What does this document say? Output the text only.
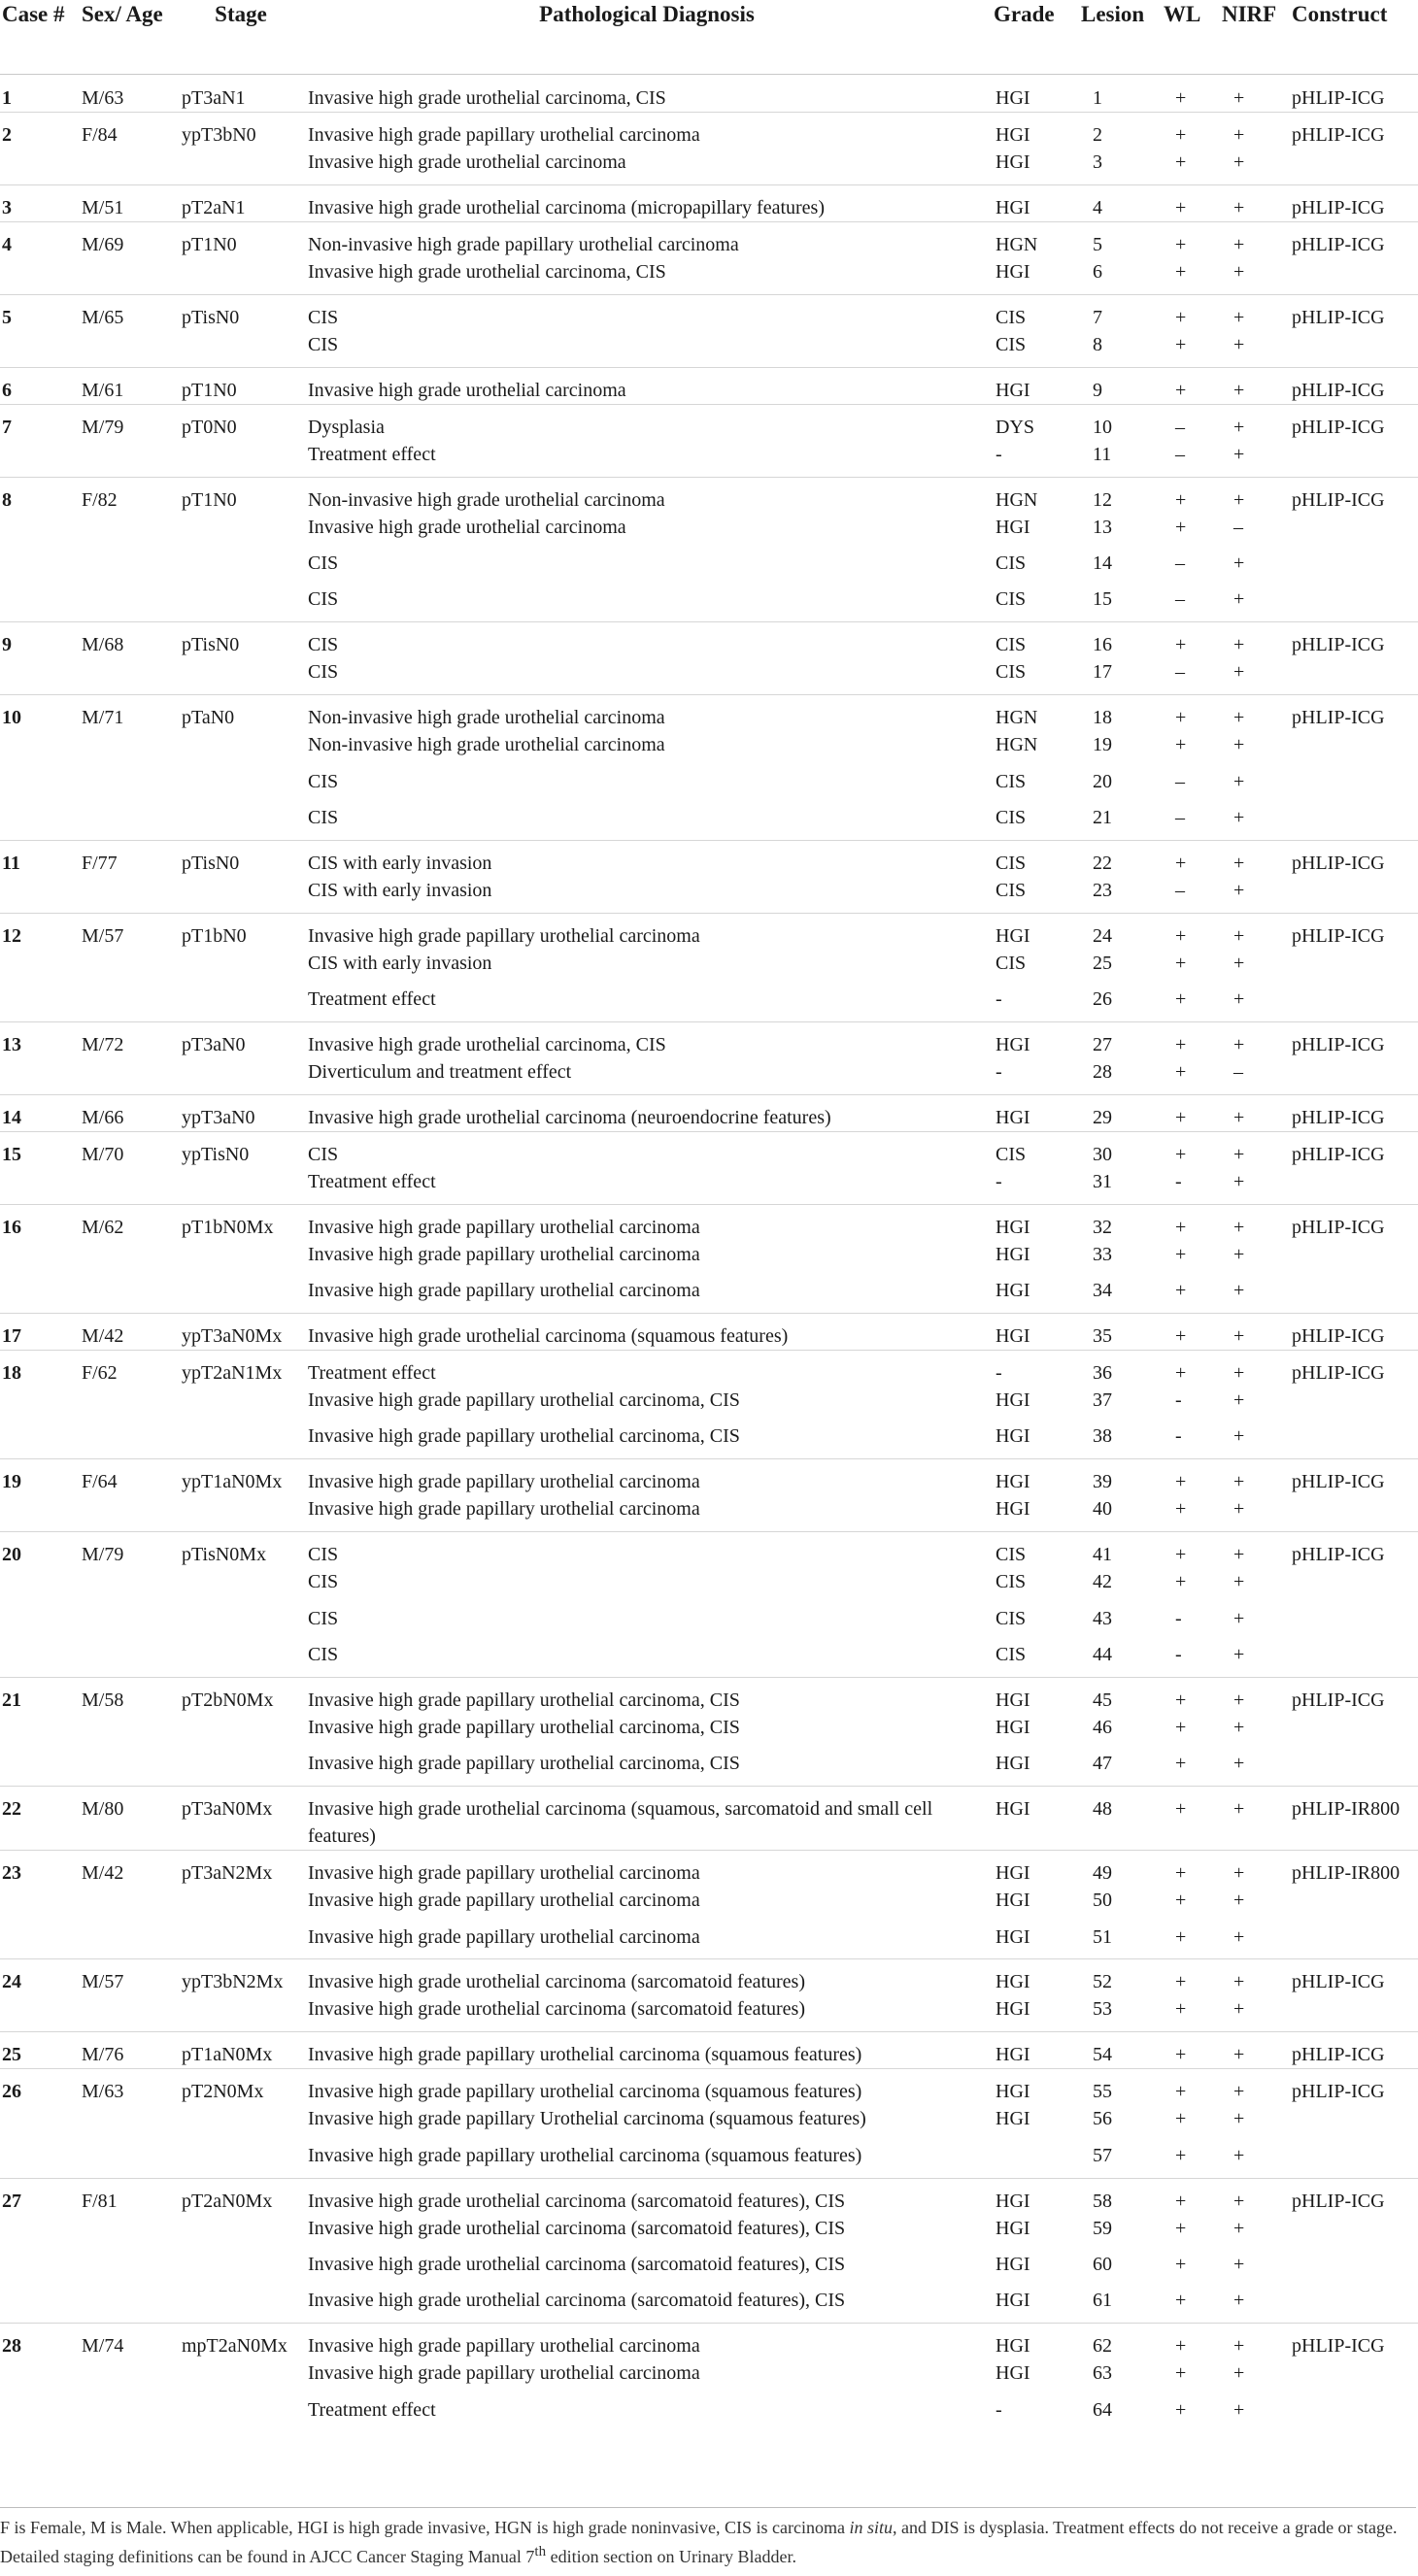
Case #	Sex/ Age	Stage	Pathological Diagnosis	Grade	Lesion	WL	NIRF	Construct
1	M/63	pT3aN1	Invasive high grade urothelial carcinoma, CIS	HGI	1	+	+	pHLIP-ICG
2	F/84	ypT3bN0	Invasive high grade papillary urothelial carcinoma	HGI	2	+	+	pHLIP-ICG
			Invasive high grade urothelial carcinoma	HGI	3	+	+	
3	M/51	pT2aN1	Invasive high grade urothelial carcinoma (micropapillary features)	HGI	4	+	+	pHLIP-ICG
4	M/69	pT1N0	Non-invasive high grade papillary urothelial carcinoma	HGN	5	+	+	pHLIP-ICG
			Invasive high grade urothelial carcinoma, CIS	HGI	6	+	+	
5	M/65	pTisN0	CIS	CIS	7	+	+	pHLIP-ICG
			CIS	CIS	8	+	+	
6	M/61	pT1N0	Invasive high grade urothelial carcinoma	HGI	9	+	+	pHLIP-ICG
7	M/79	pT0N0	Dysplasia	DYS	10	–	+	pHLIP-ICG
			Treatment effect	-	11	–	+	
8	F/82	pT1N0	Non-invasive high grade urothelial carcinoma	HGN	12	+	+	pHLIP-ICG
			Invasive high grade urothelial carcinoma	HGI	13	+	–	
			CIS	CIS	14	–	+	
			CIS	CIS	15	–	+	
9	M/68	pTisN0	CIS	CIS	16	+	+	pHLIP-ICG
			CIS	CIS	17	–	+	
10	M/71	pTaN0	Non-invasive high grade urothelial carcinoma	HGN	18	+	+	pHLIP-ICG
			Non-invasive high grade urothelial carcinoma	HGN	19	+	+	
			CIS	CIS	20	–	+	
			CIS	CIS	21	–	+	
11	F/77	pTisN0	CIS with early invasion	CIS	22	+	+	pHLIP-ICG
			CIS with early invasion	CIS	23	–	+	
12	M/57	pT1bN0	Invasive high grade papillary urothelial carcinoma	HGI	24	+	+	pHLIP-ICG
			CIS with early invasion	CIS	25	+	+	
			Treatment effect	-	26	+	+	
13	M/72	pT3aN0	Invasive high grade urothelial carcinoma, CIS	HGI	27	+	+	pHLIP-ICG
			Diverticulum and treatment effect	-	28	+	–	
14	M/66	ypT3aN0	Invasive high grade urothelial carcinoma (neuroendocrine features)	HGI	29	+	+	pHLIP-ICG
15	M/70	ypTisN0	CIS	CIS	30	+	+	pHLIP-ICG
			Treatment effect	-	31	-	+	
16	M/62	pT1bN0Mx	Invasive high grade papillary urothelial carcinoma	HGI	32	+	+	pHLIP-ICG
			Invasive high grade papillary urothelial carcinoma	HGI	33	+	+	
			Invasive high grade papillary urothelial carcinoma	HGI	34	+	+	
17	M/42	ypT3aN0Mx	Invasive high grade urothelial carcinoma (squamous features)	HGI	35	+	+	pHLIP-ICG
18	F/62	ypT2aN1Mx	Treatment effect	-	36	+	+	pHLIP-ICG
			Invasive high grade papillary urothelial carcinoma, CIS	HGI	37	-	+	
			Invasive high grade papillary urothelial carcinoma, CIS	HGI	38	-	+	
19	F/64	ypT1aN0Mx	Invasive high grade papillary urothelial carcinoma	HGI	39	+	+	pHLIP-ICG
			Invasive high grade papillary urothelial carcinoma	HGI	40	+	+	
20	M/79	pTisN0Mx	CIS	CIS	41	+	+	pHLIP-ICG
			CIS	CIS	42	+	+	
			CIS	CIS	43	-	+	
			CIS	CIS	44	-	+	
21	M/58	pT2bN0Mx	Invasive high grade papillary urothelial carcinoma, CIS	HGI	45	+	+	pHLIP-ICG
			Invasive high grade papillary urothelial carcinoma, CIS	HGI	46	+	+	
			Invasive high grade papillary urothelial carcinoma, CIS	HGI	47	+	+	
22	M/80	pT3aN0Mx	Invasive high grade urothelial carcinoma (squamous, sarcomatoid and small cell features)	HGI	48	+	+	pHLIP-IR800
23	M/42	pT3aN2Mx	Invasive high grade papillary urothelial carcinoma	HGI	49	+	+	pHLIP-IR800
			Invasive high grade papillary urothelial carcinoma	HGI	50	+	+	
			Invasive high grade papillary urothelial carcinoma	HGI	51	+	+	
24	M/57	ypT3bN2Mx	Invasive high grade urothelial carcinoma (sarcomatoid features)	HGI	52	+	+	pHLIP-ICG
			Invasive high grade urothelial carcinoma (sarcomatoid features)	HGI	53	+	+	
25	M/76	pT1aN0Mx	Invasive high grade papillary urothelial carcinoma (squamous features)	HGI	54	+	+	pHLIP-ICG
26	M/63	pT2N0Mx	Invasive high grade papillary urothelial carcinoma (squamous features)	HGI	55	+	+	pHLIP-ICG
			Invasive high grade papillary Urothelial carcinoma (squamous features)	HGI	56	+	+	
			Invasive high grade papillary urothelial carcinoma (squamous features)		57	+	+	
27	F/81	pT2aN0Mx	Invasive high grade urothelial carcinoma (sarcomatoid features), CIS	HGI	58	+	+	pHLIP-ICG
			Invasive high grade urothelial carcinoma (sarcomatoid features), CIS	HGI	59	+	+	
			Invasive high grade urothelial carcinoma (sarcomatoid features), CIS	HGI	60	+	+	
			Invasive high grade urothelial carcinoma (sarcomatoid features), CIS	HGI	61	+	+	
28	M/74	mpT2aN0Mx	Invasive high grade papillary urothelial carcinoma	HGI	62	+	+	pHLIP-ICG
			Invasive high grade papillary urothelial carcinoma	HGI	63	+	+	
			Treatment effect	-	64	+	+	
F is Female, M is Male. When applicable, HGI is high grade invasive, HGN is high grade noninvasive, CIS is carcinoma in situ, and DIS is dysplasia. Treatment effects do not receive a grade or stage. Detailed staging definitions can be found in AJCC Cancer Staging Manual 7th edition section on Urinary Bladder.
